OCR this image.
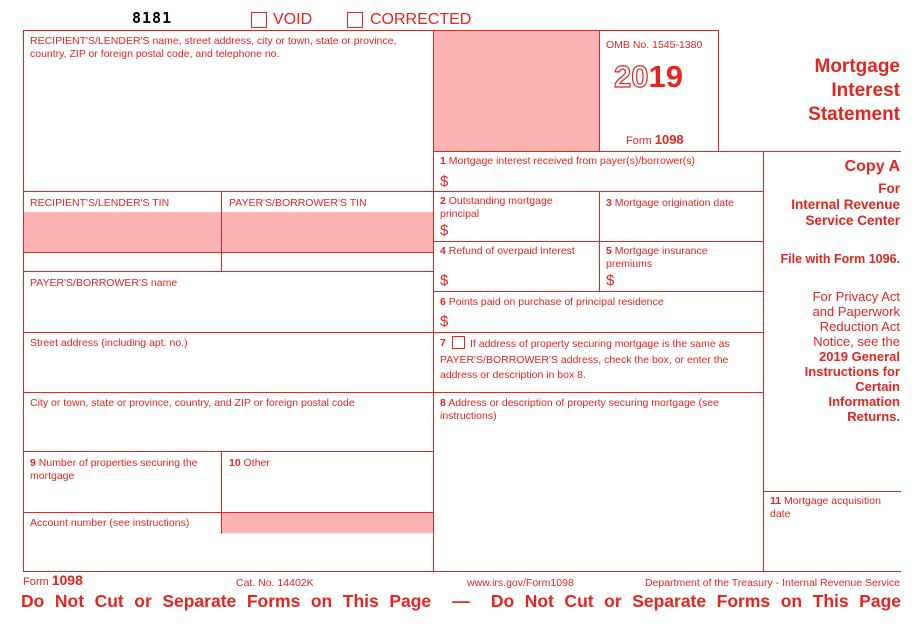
8181	VOID	CORRECTED
RECIPIENT'S/LENDER'S name, street address, city or town, state or province, country, ZIP or foreign postal code, and telephone no.
RECIPIENT'S/LENDER'S TIN	PAYER'S/BORROWER'S TIN
PAYER'S/BORROWER'S name
Street address (including apt. no.)
City or town, state or province, country, and ZIP or foreign postal code
9 Number of properties securing the mortgage
10 Other
Account number (see instructions)
OMB No. 1545-1380
2019
Form 1098
Mortgage
Interest
Statement
1 Mortgage interest received from payer(s)/borrower(s)
$
2 Outstanding mortgage principal
$
3 Mortgage origination date
4 Refund of overpaid interest
$
5 Mortgage insurance premiums
$
6 Points paid on purchase of principal residence
$
7	If address of property securing mortgage is the same as PAYER'S/BORROWER'S address, check the box, or enter the address or description in box 8.
8 Address or description of property securing mortgage (see instructions)
Copy A
For
Internal Revenue
Service Center
File with Form 1096.
For Privacy Act
and Paperwork
Reduction Act
Notice, see the
2019 General
Instructions for
Certain
Information
Returns.
11 Mortgage acquisition date
Form 1098	Cat. No. 14402K	www.irs.gov/Form1098	Department of the Treasury - Internal Revenue Service
Do Not Cut or Separate Forms on This Page  —  Do Not Cut or Separate Forms on This Page
